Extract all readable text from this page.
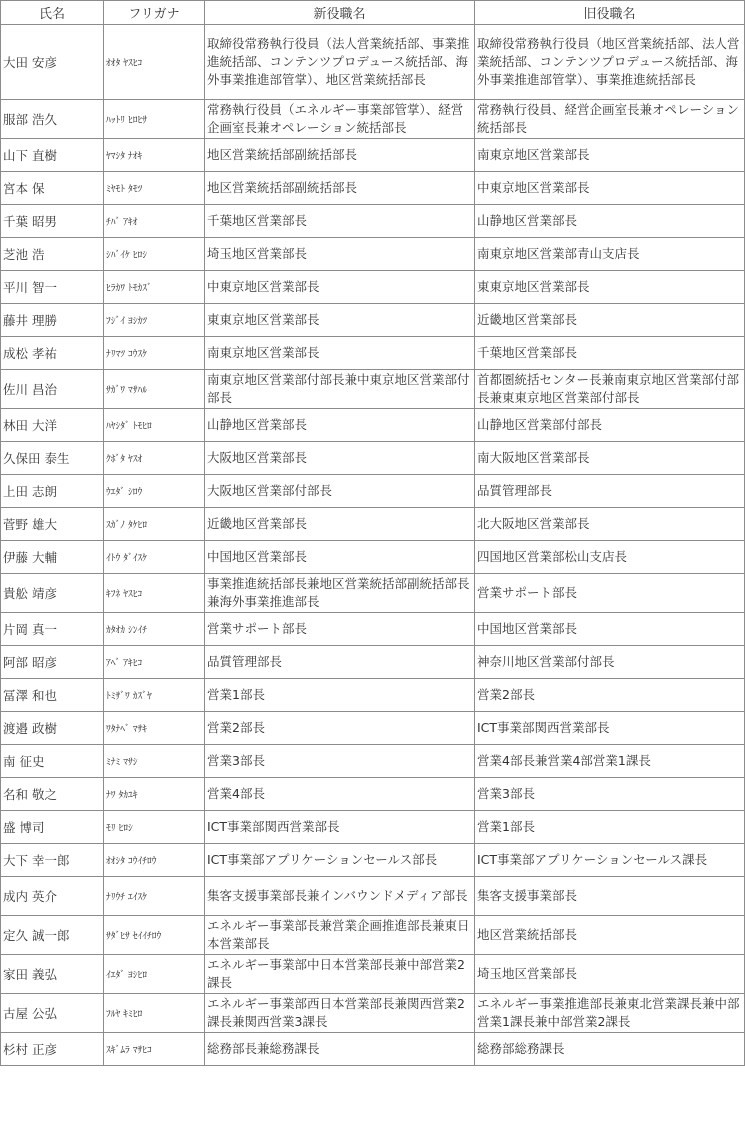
氏名	フリガナ	新役職名	旧役職名
大田 安彦	ｵｵﾀ ﾔｽﾋｺ	取締役常務執行役員（法人営業統括部、事業推進統括部、コンテンツプロデュース統括部、海外事業推進部管掌）、地区営業統括部長	取締役常務執行役員（地区営業統括部、法人営業統括部、コンテンツプロデュース統括部、海外事業推進部管掌）、事業推進統括部長
服部 浩久	ﾊｯﾄﾘ ﾋﾛﾋｻ	常務執行役員（エネルギー事業部管掌）、経営企画室長兼オペレーション統括部長	常務執行役員、経営企画室長兼オペレーション統括部長
山下 直樹	ﾔﾏｼﾀ ﾅｵｷ	地区営業統括部副統括部長	南東京地区営業部長
宮本 保	ﾐﾔﾓﾄ ﾀﾓﾂ	地区営業統括部副統括部長	中東京地区営業部長
千葉 昭男	ﾁﾊﾞ ｱｷｵ	千葉地区営業部長	山静地区営業部長
芝池 浩	ｼﾊﾞｲｹ ﾋﾛｼ	埼玉地区営業部長	南東京地区営業部青山支店長
平川 智一	ﾋﾗｶﾜ ﾄﾓｶｽﾞ	中東京地区営業部長	東東京地区営業部長
藤井 理勝	ﾌｼﾞｲ ﾖｼｶﾂ	東東京地区営業部長	近畿地区営業部長
成松 孝祐	ﾅﾘﾏﾂ ｺｳｽｹ	南東京地区営業部長	千葉地区営業部長
佐川 昌治	ｻｶﾞﾜ ﾏｻﾊﾙ	南東京地区営業部付部長兼中東京地区営業部付部長	首都圏統括センター長兼南東京地区営業部付部長兼東東京地区営業部付部長
林田 大洋	ﾊﾔｼﾀﾞ ﾄﾓﾋﾛ	山静地区営業部長	山静地区営業部付部長
久保田 泰生	ｸﾎﾞﾀ ﾔｽｵ	大阪地区営業部長	南大阪地区営業部長
上田 志朗	ｳｴﾀﾞ ｼﾛｳ	大阪地区営業部付部長	品質管理部長
菅野 雄大	ｽｶﾞﾉ ﾀｹﾋﾛ	近畿地区営業部長	北大阪地区営業部長
伊藤 大輔	ｲﾄｳ ﾀﾞｲｽｹ	中国地区営業部長	四国地区営業部松山支店長
貴舩 靖彦	ｷﾌﾈ ﾔｽﾋｺ	事業推進統括部長兼地区営業統括部副統括部長兼海外事業推進部長	営業サポート部長
片岡 真一	ｶﾀｵｶ ｼﾝｲﾁ	営業サポート部長	中国地区営業部長
阿部 昭彦	ｱﾍﾞ ｱｷﾋｺ	品質管理部長	神奈川地区営業部付部長
冨澤 和也	ﾄﾐｻﾞﾜ ｶｽﾞﾔ	営業1部長	営業2部長
渡邉 政樹	ﾜﾀﾅﾍﾞ ﾏｻｷ	営業2部長	ICT事業部関西営業部長
南 征史	ﾐﾅﾐ ﾏｻｼ	営業3部長	営業4部長兼営業4部営業1課長
名和 敬之	ﾅﾜ ﾀｶﾕｷ	営業4部長	営業3部長
盛 博司	ﾓﾘ ﾋﾛｼ	ICT事業部関西営業部長	営業1部長
大下 幸一郎	ｵｵｼﾀ ｺｳｲﾁﾛｳ	ICT事業部アプリケーションセールス部長	ICT事業部アプリケーションセールス課長
成内 英介	ﾅﾘｳﾁ ｴｲｽｹ	集客支援事業部長兼インバウンドメディア部長	集客支援事業部長
定久 誠一郎	ｻﾀﾞﾋｻ ｾｲｲﾁﾛｳ	エネルギー事業部長兼営業企画推進部長兼東日本営業部長	地区営業統括部長
家田 義弘	ｲｴﾀﾞ ﾖｼﾋﾛ	エネルギー事業部中日本営業部長兼中部営業2課長	埼玉地区営業部長
古屋 公弘	ﾌﾙﾔ ｷﾐﾋﾛ	エネルギー事業部西日本営業部長兼関西営業2課長兼関西営業3課長	エネルギー事業推進部長兼東北営業課長兼中部営業1課長兼中部営業2課長
杉村 正彦	ｽｷﾞﾑﾗ ﾏｻﾋｺ	総務部長兼総務課長	総務部総務課長
